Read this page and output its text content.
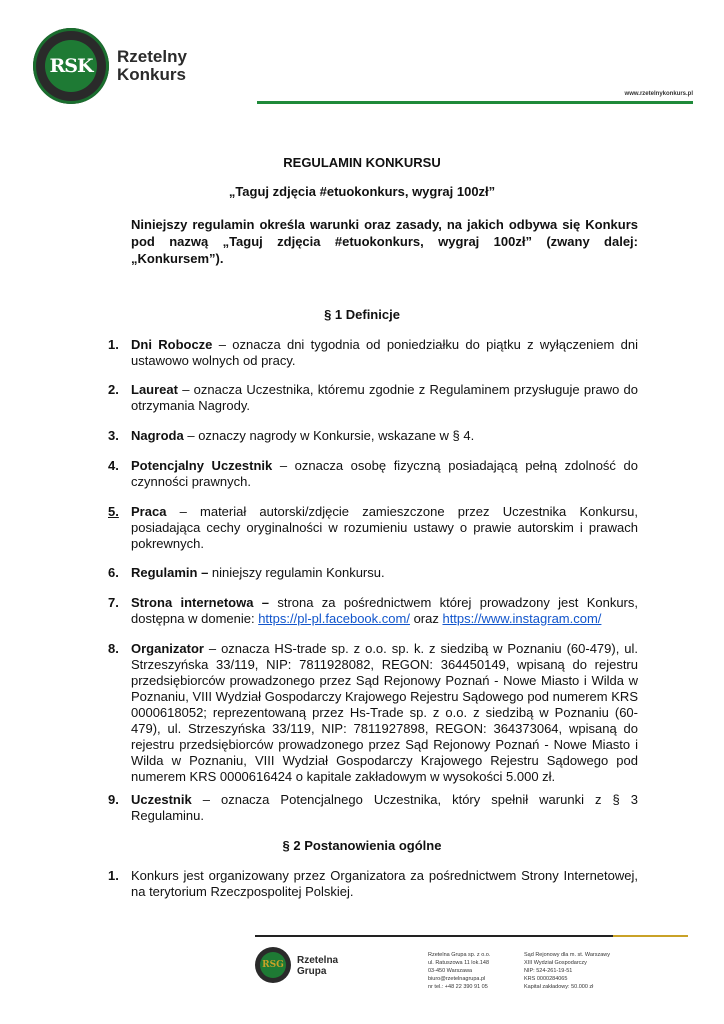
RSK Rzetelny
Konkurs
www.rzetelnykonkurs.pl
REGULAMIN KONKURSU
„Taguj zdjęcia #etuokonkurs, wygraj 100zł”
Niniejszy regulamin określa warunki oraz zasady, na jakich odbywa się Konkurs pod nazwą „Taguj zdjęcia #etuokonkurs, wygraj 100zł” (zwany dalej: „Konkursem”).
§ 1 Definicje
1. Dni Robocze – oznacza dni tygodnia od poniedziałku do piątku z wyłączeniem dni ustawowo wolnych od pracy.
2. Laureat – oznacza Uczestnika, któremu zgodnie z Regulaminem przysługuje prawo do otrzymania Nagrody.
3. Nagroda – oznaczy nagrody w Konkursie, wskazane w § 4.
4. Potencjalny Uczestnik – oznacza osobę fizyczną posiadającą pełną zdolność do czynności prawnych.
5. Praca – materiał autorski/zdjęcie zamieszczone przez Uczestnika Konkursu, posiadająca cechy oryginalności w rozumieniu ustawy o prawie autorskim i prawach pokrewnych.
6. Regulamin – niniejszy regulamin Konkursu.
7. Strona internetowa – strona za pośrednictwem której prowadzony jest Konkurs, dostępna w domenie: https://pl-pl.facebook.com/ oraz https://www.instagram.com/
8. Organizator – oznacza HS-trade sp. z o.o. sp. k. z siedzibą w Poznaniu (60-479), ul. Strzeszyńska 33/119, NIP: 7811928082, REGON: 364450149, wpisaną do rejestru przedsiębiorców prowadzonego przez Sąd Rejonowy Poznań - Nowe Miasto i Wilda w Poznaniu, VIII Wydział Gospodarczy Krajowego Rejestru Sądowego pod numerem KRS 0000618052; reprezentowaną przez Hs-Trade sp. z o.o. z siedzibą w Poznaniu (60-479), ul. Strzeszyńska 33/119, NIP: 7811927898, REGON: 364373064, wpisaną do rejestru przedsiębiorców prowadzonego przez Sąd Rejonowy Poznań - Nowe Miasto i Wilda w Poznaniu, VIII Wydział Gospodarczy Krajowego Rejestru Sądowego pod numerem KRS 0000616424 o kapitale zakładowym w wysokości 5.000 zł.
9. Uczestnik – oznacza Potencjalnego Uczestnika, który spełnił warunki z § 3 Regulaminu.
§ 2 Postanowienia ogólne
1. Konkurs jest organizowany przez Organizatora za pośrednictwem Strony Internetowej, na terytorium Rzeczpospolitej Polskiej.
RSG Rzetelna
Grupa
Rzetelna Grupa sp. z o.o.
ul. Ratuszowa 11 lok.148
03-450 Warszawa
biuro@rzetelnagrupa.pl
nr tel.: +48 22 390 91 05
Sąd Rejonowy dla m. st. Warszawy
XIII Wydział Gospodarczy
NIP: 524-261-19-51
KRS 0000284065
Kapitał zakładowy: 50.000 zł
